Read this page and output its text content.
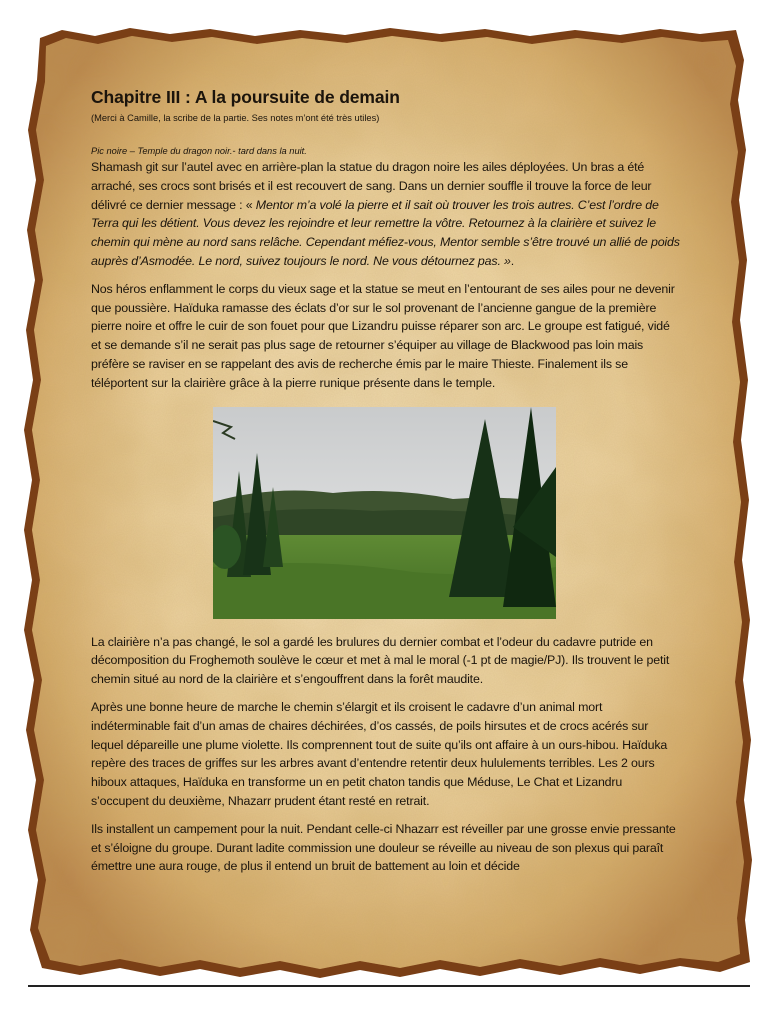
Chapitre III : A la poursuite de demain

(Merci à Camille, la scribe de la partie. Ses notes m’ont été très utiles)

Pic noire – Temple du dragon noir.- tard dans la nuit.

Shamash git sur l’autel avec en arrière-plan la statue du dragon noire les ailes déployées. Un bras a été arraché, ses crocs sont brisés et il est recouvert de sang. Dans un dernier souffle il trouve la force de leur délivré ce dernier message : « Mentor m’a volé la pierre et il sait où trouver les trois autres. C’est l’ordre de Terra qui les détient. Vous devez les rejoindre et leur remettre la vôtre. Retournez à la clairière et suivez le chemin qui mène au nord sans relâche. Cependant méfiez-vous, Mentor semble s’être trouvé un allié de poids auprès d’Asmodée. Le nord, suivez toujours le nord. Ne vous détournez pas. ».

Nos héros enflamment le corps du vieux sage et la statue se meut en l’entourant de ses ailes pour ne devenir que poussière. Haïduka ramasse des éclats d’or sur le sol provenant de l’ancienne gangue de la première pierre noire et offre le cuir de son fouet pour que Lizandru puisse réparer son arc. Le groupe est fatigué, vidé et se demande s’il ne serait pas plus sage de retourner s’équiper au village de Blackwood pas loin mais préfère se raviser en se rappelant des avis de recherche émis par le maire Thieste. Finalement ils se téléportent sur la clairière grâce à la pierre runique présente dans le temple.

La clairière n’a pas changé, le sol a gardé les brulures du dernier combat et l’odeur du cadavre putride en décomposition du Froghemoth soulève le cœur et met à mal le moral (-1 pt de magie/PJ). Ils trouvent le petit chemin situé au nord de la clairière et s’engouffrent dans la forêt maudite.

Après une bonne heure de marche le chemin s’élargit et ils croisent le cadavre d’un animal mort indéterminable fait d’un amas de chaires déchirées, d’os cassés, de poils hirsutes et de crocs acérés sur lequel dépareille une plume violette. Ils comprennent tout de suite qu’ils ont affaire à un ours-hibou. Haïduka repère des traces de griffes sur les arbres avant d’entendre retentir deux hululements terribles. Les 2 ours hiboux attaques, Haïduka en transforme un en petit chaton tandis que Méduse, Le Chat et Lizandru s’occupent du deuxième, Nhazarr prudent étant resté en retrait.

Ils installent un campement pour la nuit. Pendant celle-ci Nhazarr est réveiller par une grosse envie pressante et s’éloigne du groupe. Durant ladite commission une douleur se réveille au niveau de son plexus qui paraît émettre une aura rouge, de plus il entend un bruit de battement au loin et décide
